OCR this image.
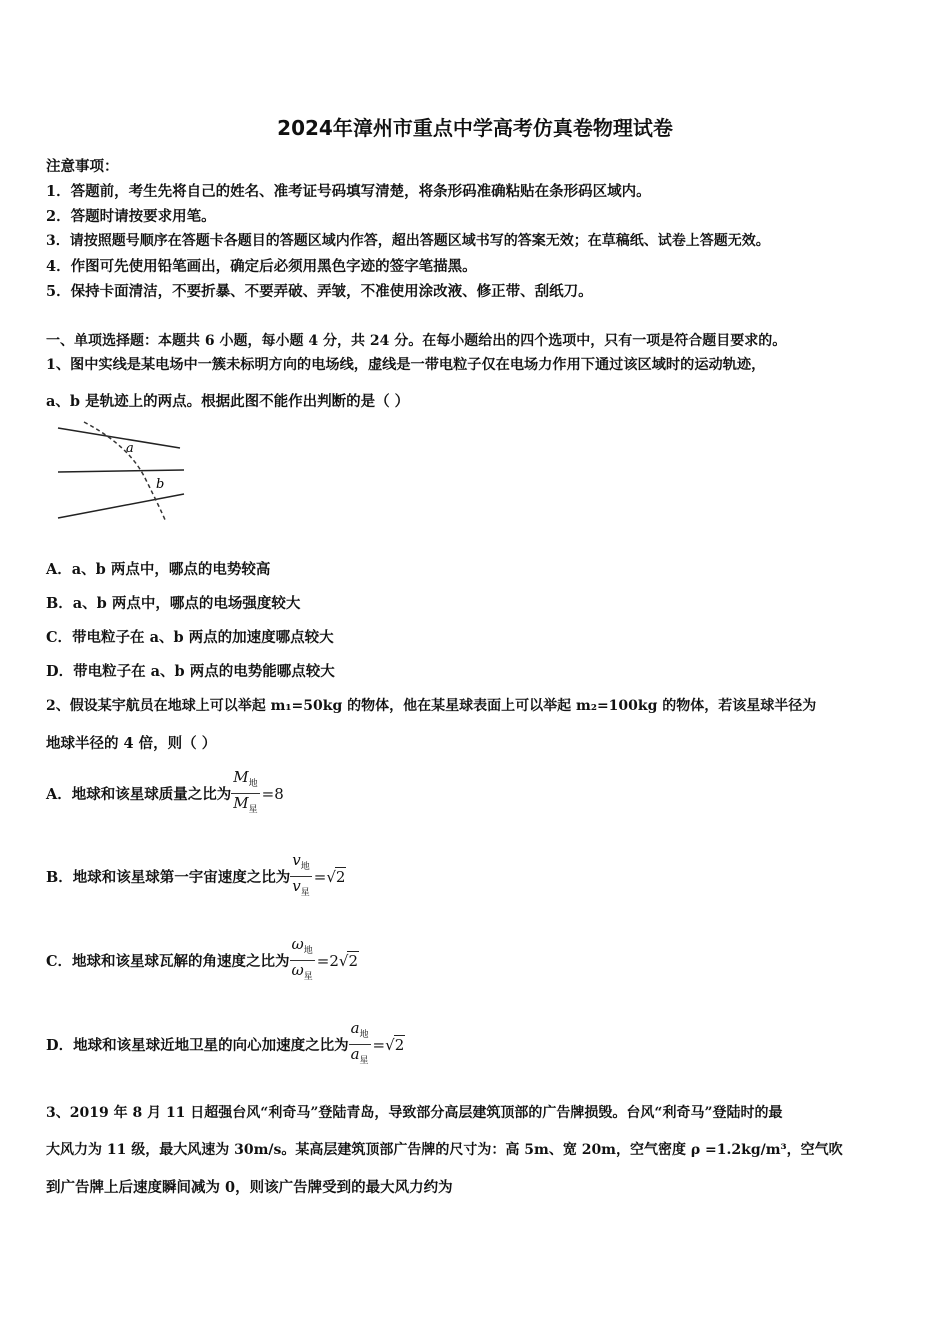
2024年漳州市重点中学高考仿真卷物理试卷
注意事项：
1．答题前，考生先将自己的姓名、准考证号码填写清楚，将条形码准确粘贴在条形码区域内。
2．答题时请按要求用笔。
3．请按照题号顺序在答题卡各题目的答题区域内作答，超出答题区域书写的答案无效；在草稿纸、试卷上答题无效。
4．作图可先使用铅笔画出，确定后必须用黑色字迹的签字笔描黑。
5．保持卡面清洁，不要折暴、不要弄破、弄皱，不准使用涂改液、修正带、刮纸刀。
一、单项选择题：本题共 6 小题，每小题 4 分，共 24 分。在每小题给出的四个选项中，只有一项是符合题目要求的。
1、图中实线是某电场中一簇未标明方向的电场线，虚线是一带电粒子仅在电场力作用下通过该区域时的运动轨迹，
a、b 是轨迹上的两点。根据此图不能作出判断的是（ ）
a
b
A．a、b 两点中，哪点的电势较高
B．a、b 两点中，哪点的电场强度较大
C．带电粒子在 a、b 两点的加速度哪点较大
D．带电粒子在 a、b 两点的电势能哪点较大
2、假设某宇航员在地球上可以举起 m₁=50kg 的物体，他在某星球表面上可以举起 m₂=100kg 的物体，若该星球半径为
地球半径的 4 倍，则（ ）
A．地球和该星球质量之比为 $\frac{M_地}{M_星} =8$
B．地球和该星球第一宇宙速度之比为 $\frac{v_地}{v_星} =√2$
C．地球和该星球瓦解的角速度之比为 $\frac{\omega_地}{\omega_星} =2√2$
D．地球和该星球近地卫星的向心加速度之比为 $\frac{a_地}{a_星} =√2$
3、2019 年 8 月 11 日超强台风“利奇马”登陆青岛，导致部分高层建筑顶部的广告牌损毁。台风“利奇马”登陆时的最
大风力为 11 级，最大风速为 30m/s。某高层建筑顶部广告牌的尺寸为：高 5m、宽 20m，空气密度 ρ =1.2kg/m³，空气吹
到广告牌上后速度瞬间减为 0，则该广告牌受到的最大风力约为
